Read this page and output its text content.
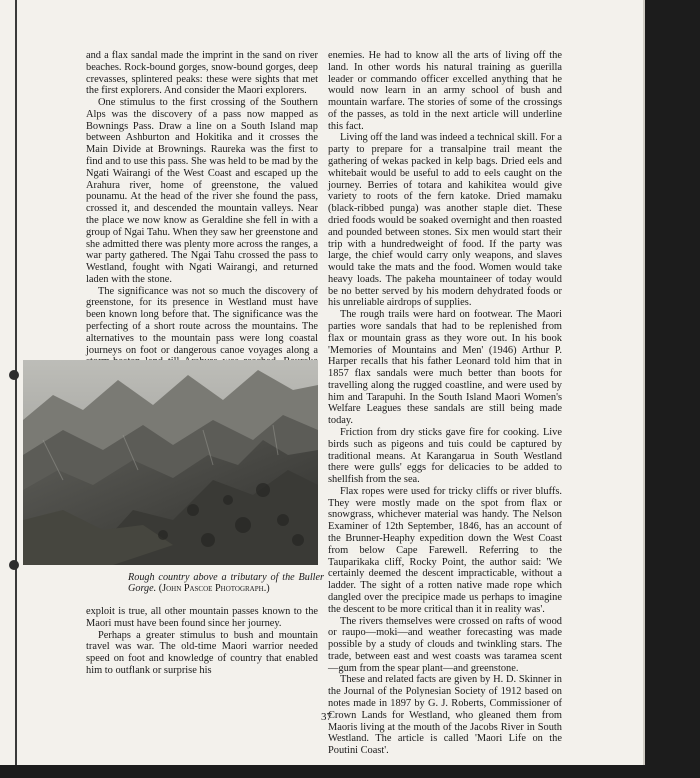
and a flax sandal made the imprint in the sand on river beaches. Rock-bound gorges, snow-bound gorges, deep crevasses, splintered peaks: these were sights that met the first explorers. And consider the Maori explorers.

One stimulus to the first crossing of the Southern Alps was the discovery of a pass now mapped as Bownings Pass. Draw a line on a South Island map between Ashburton and Hokitika and it crosses the Main Divide at Brownings. Raureka was the first to find and to use this pass. She was held to be mad by the Ngati Wairangi of the West Coast and escaped up the Arahura river, home of greenstone, the valued pounamu. At the head of the river she found the pass, crossed it, and descended the mountain valleys. Near the place we now know as Geraldine she fell in with a group of Ngai Tahu. When they saw her greenstone and she admitted there was plenty more across the ranges, a war party gathered. The Ngai Tahu crossed the pass to Westland, fought with Ngati Wairangi, and returned laden with the stone.

The significance was not so much the discovery of greenstone, for its presence in Westland must have been known long before that. The significance was the perfecting of a short route across the mountains. The alternatives to the mountain pass were long coastal journeys on foot or dangerous canoe voyages along a

Rough country above a tributary of the Buller Gorge. (John Pascoe Photograph.)

exploit is true, all other mountain passes known to the Maori must have been found since her journey.

Perhaps a greater stimulus to bush and mountain travel was war. The old-time Maori warrior needed speed on foot and knowledge of country that enabled him to outflank or surprise his

enemies. He had to know all the arts of living off the land. In other words his natural training as guerilla leader or commando officer excelled anything that he would now learn in an army school of bush and mountain warfare. The stories of some of the crossings of the passes, as told in the next article will underline this fact.

Living off the land was indeed a technical skill. For a party to prepare for a transalpine trail meant the gathering of wekas packed in kelp bags. Dried eels and whitebait would be useful to add to eels caught on the journey. Berries of totara and kahikitea would give variety to roots of the fern katoke. Dried mamaku (black-ribbed punga) was another staple diet. These dried foods would be soaked overnight and then roasted and pounded between stones. Six men would start their trip with a hundredweight of food. If the party was large, the chief would carry only weapons, and slaves would take the mats and the food. Women would take heavy loads. The pakeha mountaineer of today would be no better served by his modern dehydrated foods or his unreliable airdrops of supplies.

The rough trails were hard on footwear. The Maori parties wore sandals that had to be replenished from flax or mountain grass as they wore out. In his book 'Memories of Mountains and Men' (1946) Arthur P. Harper recalls that his father Leonard told him that in 1857 flax sandals were much better than boots for travelling along the rugged coastline, and were used by him and Tarapuhi. In the South Island Maori Women's Welfare Leagues these sandals are still being made today.

Friction from dry sticks gave fire for cooking. Live birds such as pigeons and tuis could be captured by traditional means. At Karangarua in South Westland there were gulls' eggs for delicacies to be added to shellfish from the sea.

Flax ropes were used for tricky cliffs or river bluffs. They were mostly made on the spot from flax or snowgrass, whichever material was handy. The Nelson Examiner of 12th September, 1846, has an account of the Brunner-Heaphy expedition down the West Coast from below Cape Farewell. Referring to the Tauparikaka cliff, Rocky Point, the author said: 'We certainly deemed the descent impracticable, without a ladder. The sight of a rotten native made rope which dangled over the precipice made us perhaps to imagine the descent to be more critical than it in reality was'.

The rivers themselves were crossed on rafts of wood or raupo—moki—and weather forecasting was made possible by a study of clouds and twinkling stars. The trade, between east and west coasts was taramea scent—gum from the spear plant—and greenstone.

These and related facts are given by H. D. Skinner in the Journal of the Polynesian Society of 1912 based on notes made in 1897 by G. J. Roberts, Commissioner of Crown Lands for Westland, who gleaned them from Maoris living at the mouth of the Jacobs River in South Westland. The article is called 'Maori Life on the Poutini Coast'.

37
